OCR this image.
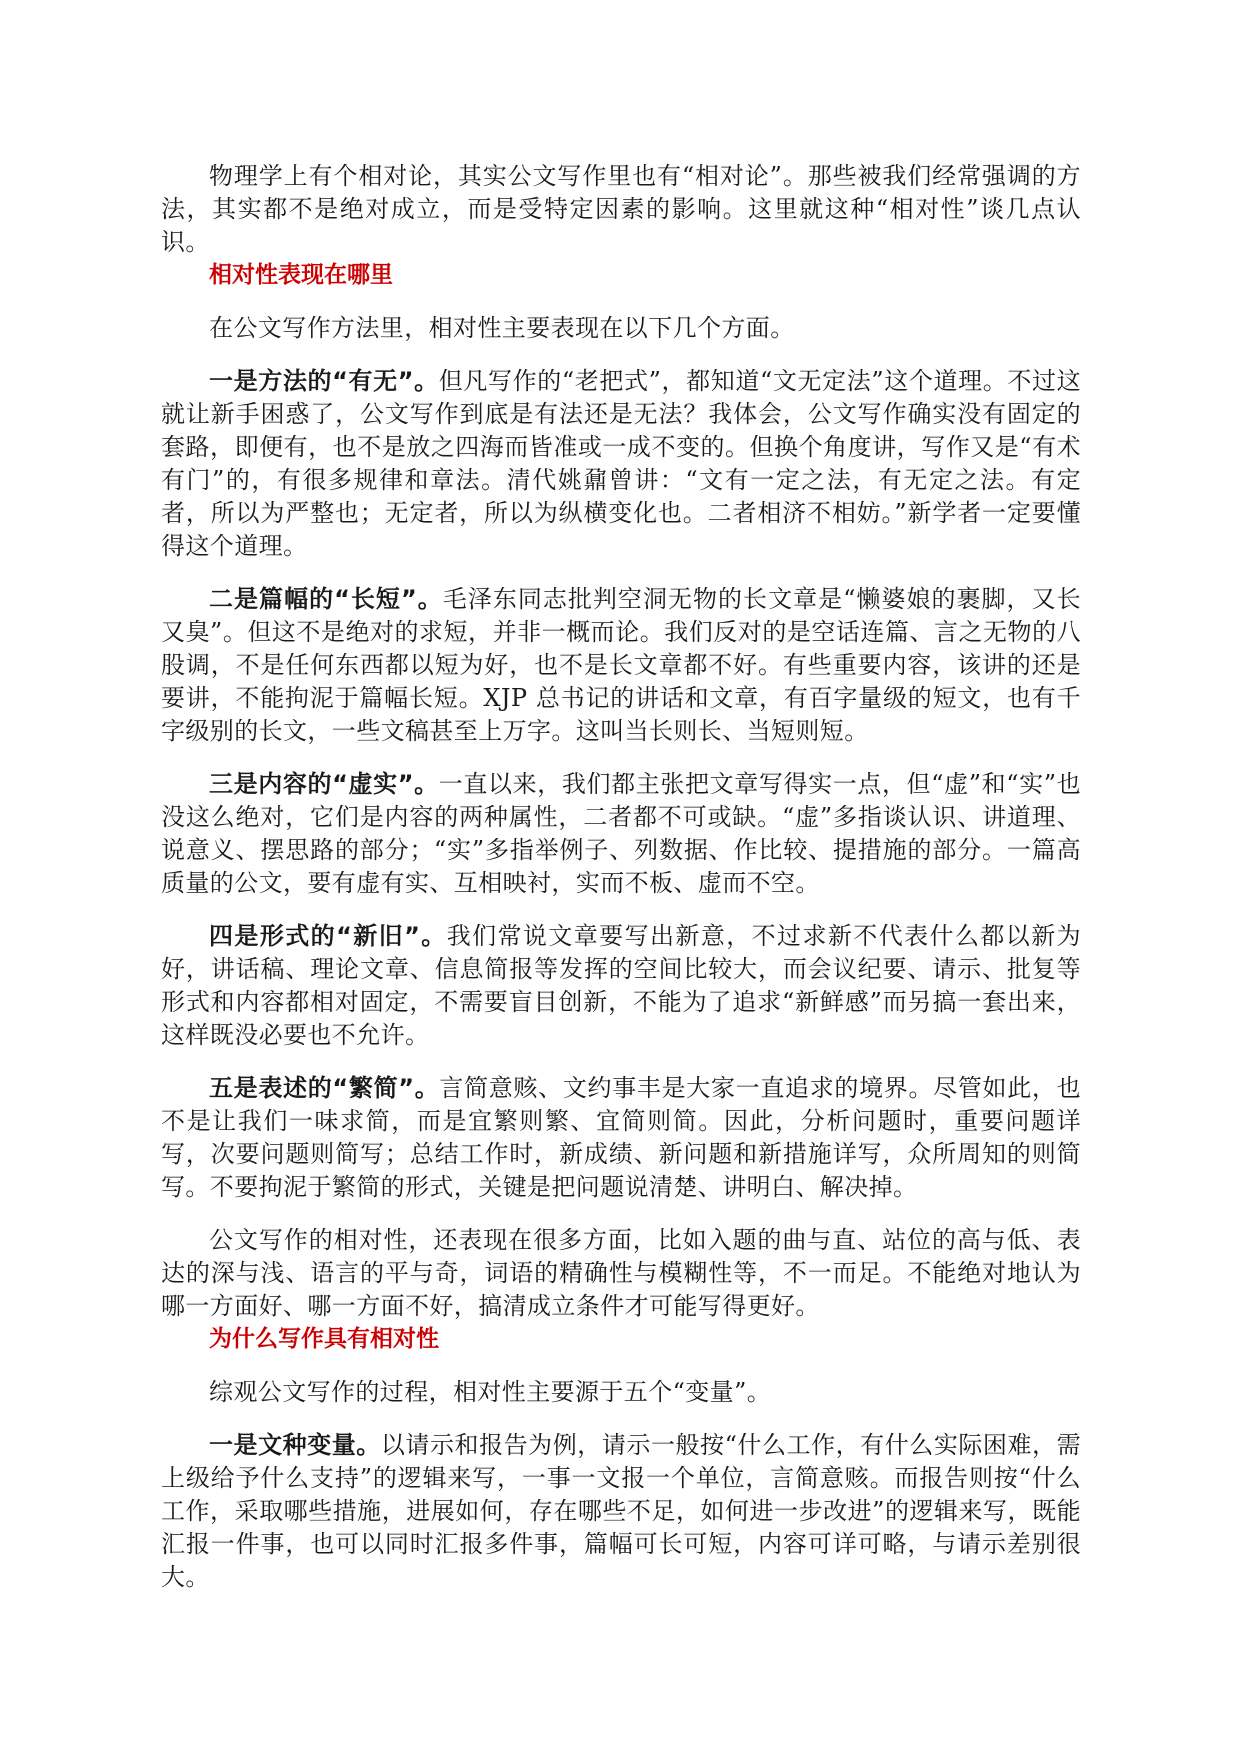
物理学上有个相对论，其实公文写作里也有“相对论”。那些被我们经常强调的方法，其实都不是绝对成立，而是受特定因素的影响。这里就这种“相对性”谈几点认识。

相对性表现在哪里

在公文写作方法里，相对性主要表现在以下几个方面。

一是方法的“有无”。但凡写作的“老把式”，都知道“文无定法”这个道理。不过这就让新手困惑了，公文写作到底是有法还是无法？我体会，公文写作确实没有固定的套路，即便有，也不是放之四海而皆准或一成不变的。但换个角度讲，写作又是“有术有门”的，有很多规律和章法。清代姚鼐曾讲：“文有一定之法，有无定之法。有定者，所以为严整也；无定者，所以为纵横变化也。二者相济不相妨。”新学者一定要懂得这个道理。

二是篇幅的“长短”。毛泽东同志批判空洞无物的长文章是“懒婆娘的裹脚，又长又臭”。但这不是绝对的求短，并非一概而论。我们反对的是空话连篇、言之无物的八股调，不是任何东西都以短为好，也不是长文章都不好。有些重要内容，该讲的还是要讲，不能拘泥于篇幅长短。XJP 总书记的讲话和文章，有百字量级的短文，也有千字级别的长文，一些文稿甚至上万字。这叫当长则长、当短则短。

三是内容的“虚实”。一直以来，我们都主张把文章写得实一点，但“虚”和“实”也没这么绝对，它们是内容的两种属性，二者都不可或缺。“虚”多指谈认识、讲道理、说意义、摆思路的部分；“实”多指举例子、列数据、作比较、提措施的部分。一篇高质量的公文，要有虚有实、互相映衬，实而不板、虚而不空。

四是形式的“新旧”。我们常说文章要写出新意，不过求新不代表什么都以新为好，讲话稿、理论文章、信息简报等发挥的空间比较大，而会议纪要、请示、批复等形式和内容都相对固定，不需要盲目创新，不能为了追求“新鲜感”而另搞一套出来，这样既没必要也不允许。

五是表述的“繁简”。言简意赅、文约事丰是大家一直追求的境界。尽管如此，也不是让我们一味求简，而是宜繁则繁、宜简则简。因此，分析问题时，重要问题详写，次要问题则简写；总结工作时，新成绩、新问题和新措施详写，众所周知的则简写。不要拘泥于繁简的形式，关键是把问题说清楚、讲明白、解决掉。

公文写作的相对性，还表现在很多方面，比如入题的曲与直、站位的高与低、表达的深与浅、语言的平与奇，词语的精确性与模糊性等，不一而足。不能绝对地认为哪一方面好、哪一方面不好，搞清成立条件才可能写得更好。

为什么写作具有相对性

综观公文写作的过程，相对性主要源于五个“变量”。

一是文种变量。以请示和报告为例，请示一般按“什么工作，有什么实际困难，需上级给予什么支持”的逻辑来写，一事一文报一个单位，言简意赅。而报告则按“什么工作，采取哪些措施，进展如何，存在哪些不足，如何进一步改进”的逻辑来写，既能汇报一件事，也可以同时汇报多件事，篇幅可长可短，内容可详可略，与请示差别很大。
